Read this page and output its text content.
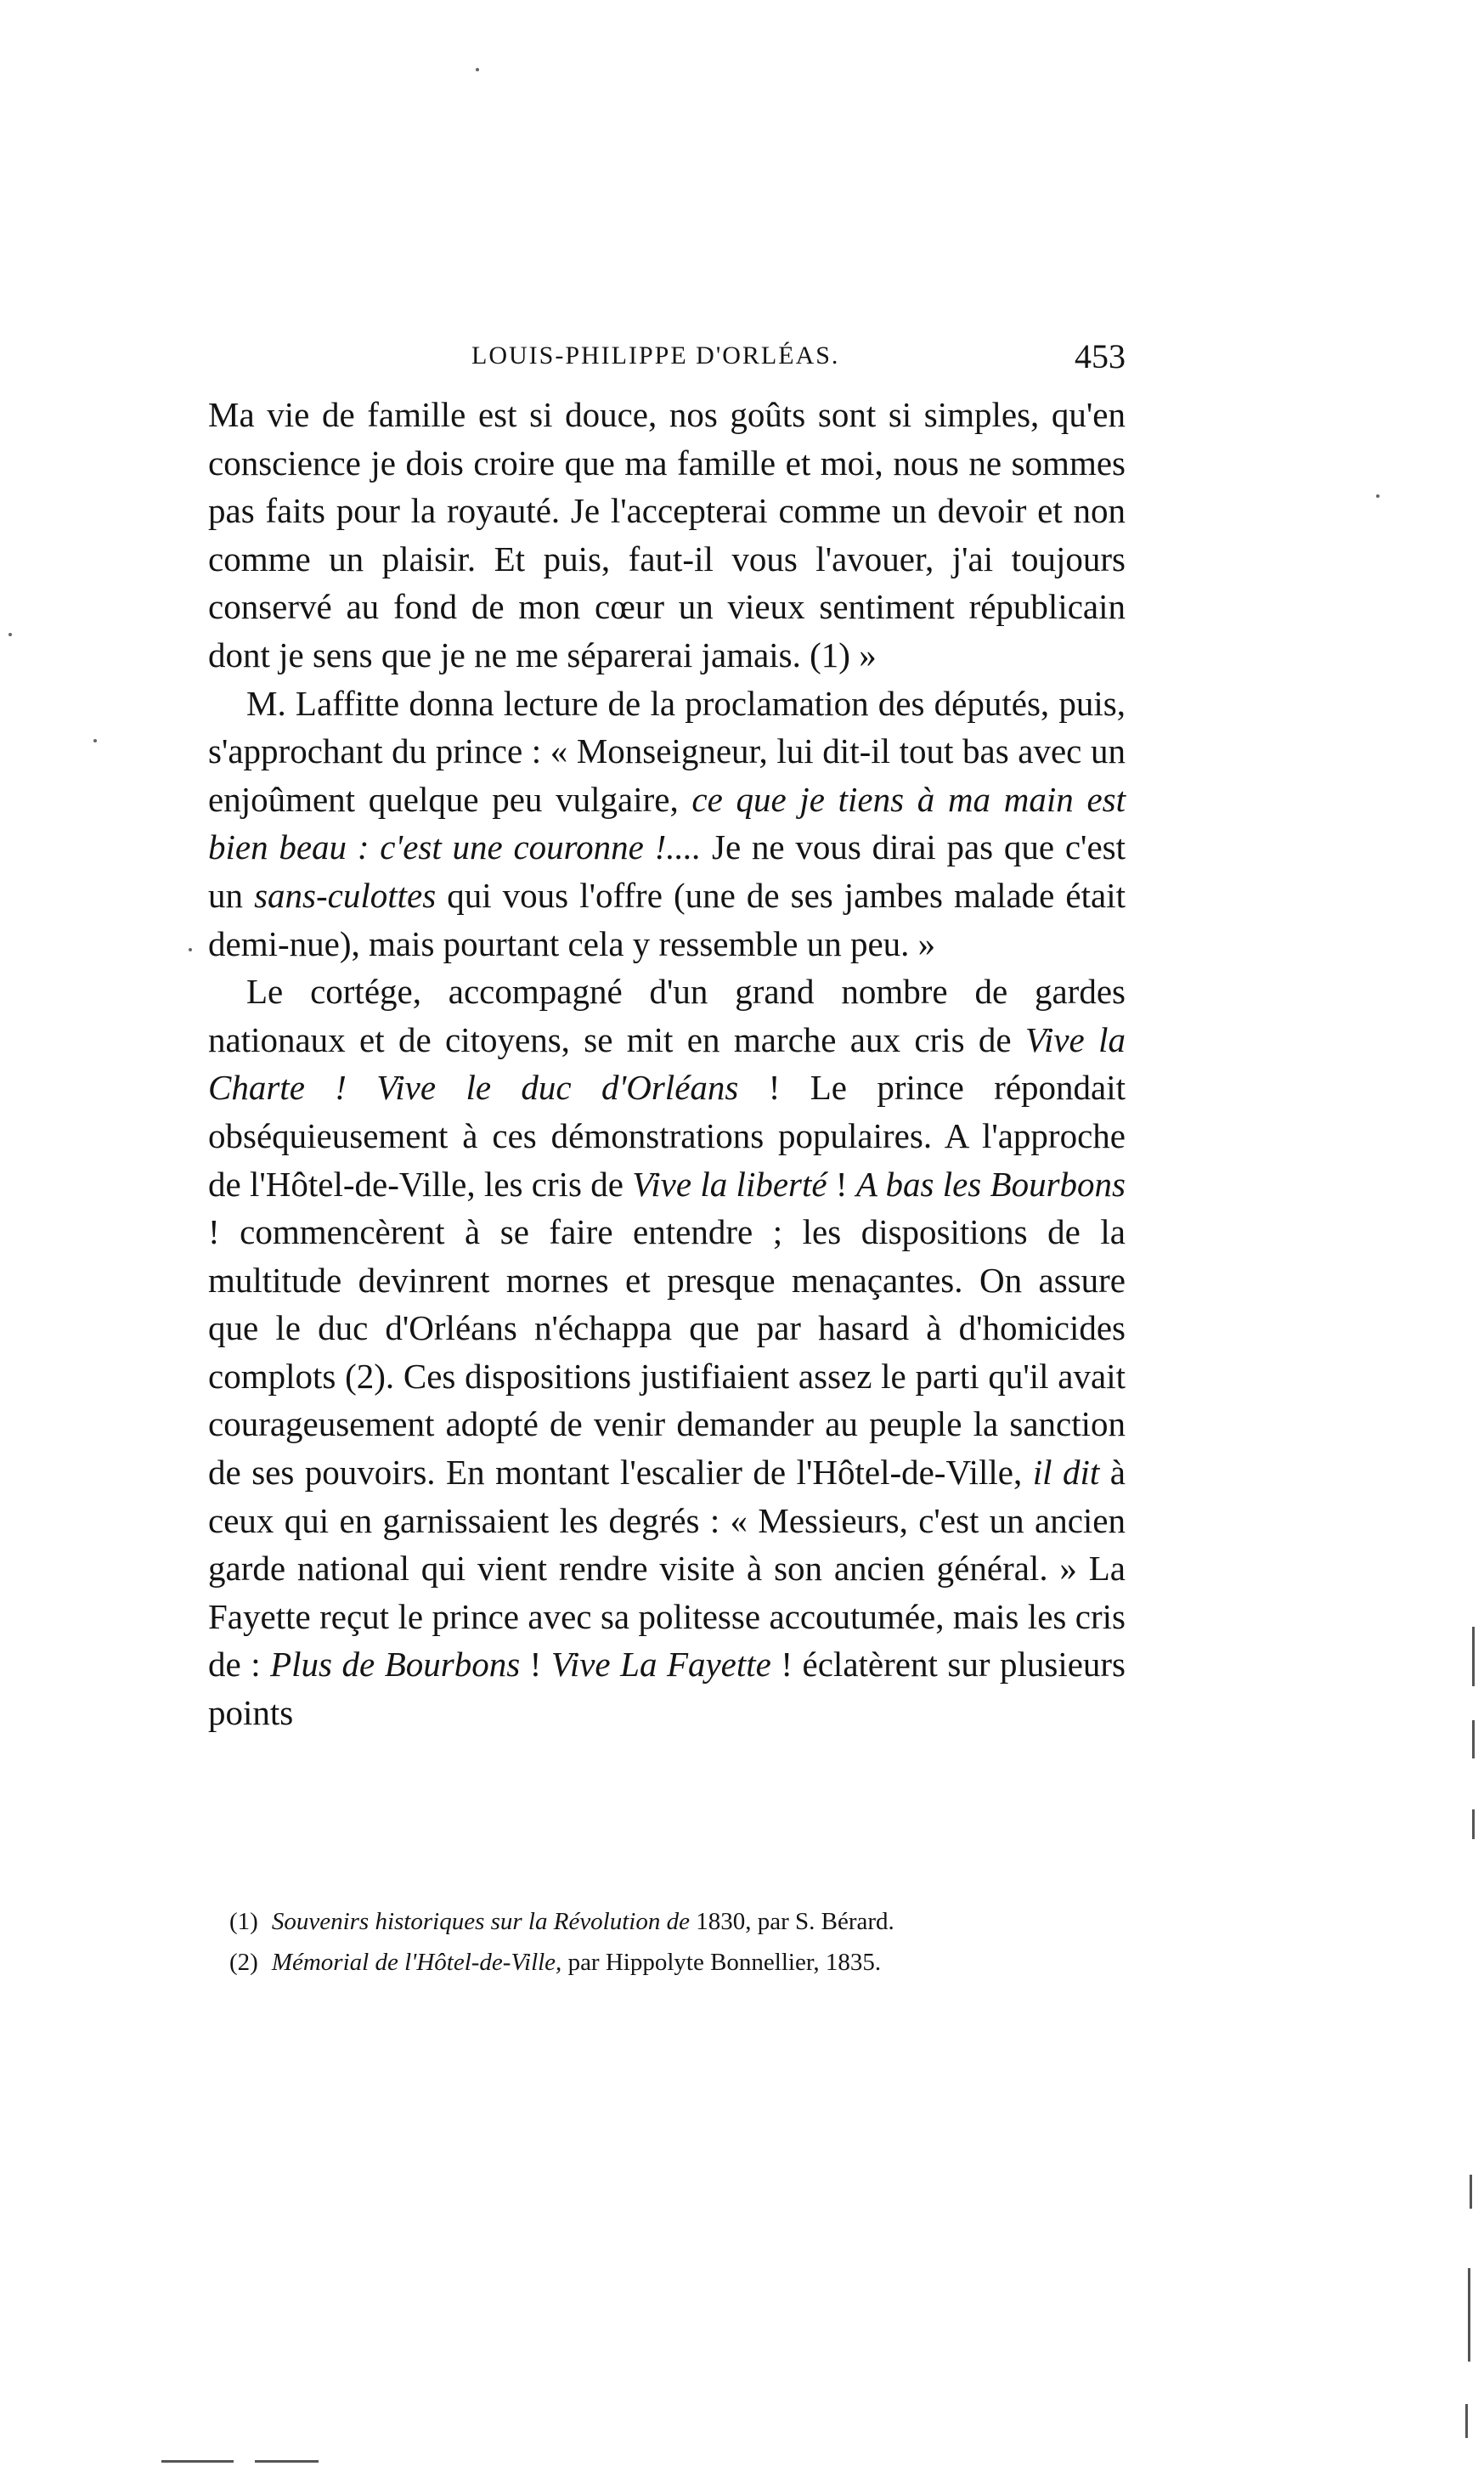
LOUIS-PHILIPPE D'ORLÉAS.	453

Ma vie de famille est si douce, nos goûts sont si simples, qu'en conscience je dois croire que ma famille et moi, nous ne sommes pas faits pour la royauté. Je l'accepterai comme un devoir et non comme un plaisir. Et puis, faut-il vous l'avouer, j'ai toujours conservé au fond de mon cœur un vieux sentiment républicain dont je sens que je ne me séparerai jamais. (1) »

M. Laffitte donna lecture de la proclamation des députés, puis, s'approchant du prince : « Monseigneur, lui dit-il tout bas avec un enjoûment quelque peu vulgaire, ce que je tiens à ma main est bien beau : c'est une couronne !.... Je ne vous dirai pas que c'est un sans-culottes qui vous l'offre (une de ses jambes malade était demi-nue), mais pourtant cela y ressemble un peu. »

Le cortége, accompagné d'un grand nombre de gardes nationaux et de citoyens, se mit en marche aux cris de Vive la Charte ! Vive le duc d'Orléans ! Le prince répondait obséquieusement à ces démonstrations populaires. A l'approche de l'Hôtel-de-Ville, les cris de Vive la liberté ! A bas les Bourbons ! commencèrent à se faire entendre ; les dispositions de la multitude devinrent mornes et presque menaçantes. On assure que le duc d'Orléans n'échappa que par hasard à d'homicides complots (2). Ces dispositions justifiaient assez le parti qu'il avait courageusement adopté de venir demander au peuple la sanction de ses pouvoirs. En montant l'escalier de l'Hôtel-de-Ville, il dit à ceux qui en garnissaient les degrés : « Messieurs, c'est un ancien garde national qui vient rendre visite à son ancien général. » La Fayette reçut le prince avec sa politesse accoutumée, mais les cris de : Plus de Bourbons ! Vive La Fayette ! éclatèrent sur plusieurs points

(1) Souvenirs historiques sur la Révolution de 1830, par S. Bérard.
(2) Mémorial de l'Hôtel-de-Ville, par Hippolyte Bonnellier, 1835.
